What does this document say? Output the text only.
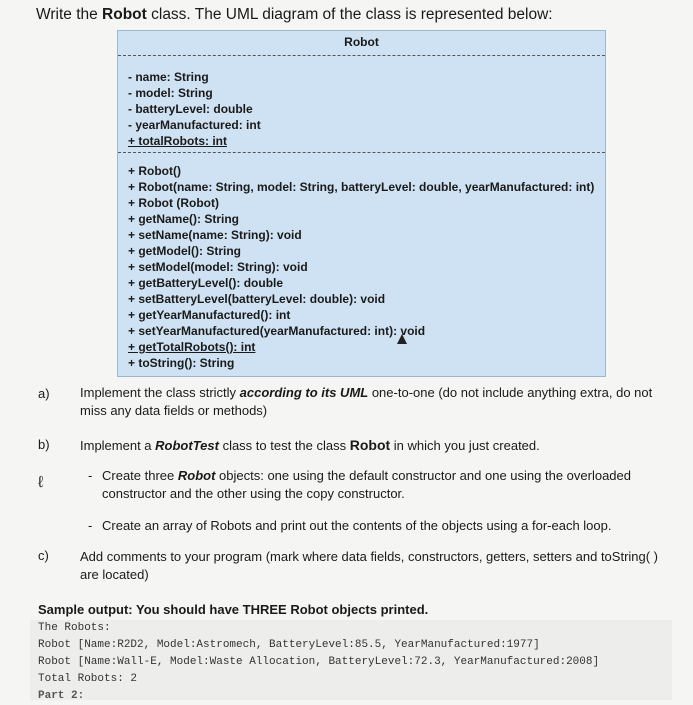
Write the Robot class. The UML diagram of the class is represented below:
Robot
- name: String
- model: String
- batteryLevel: double
- yearManufactured: int
+ totalRobots: int
+ Robot()
+ Robot(name: String, model: String, batteryLevel: double, yearManufactured: int)
+ Robot (Robot)
+ getName(): String
+ setName(name: String): void
+ getModel(): String
+ setModel(model: String): void
+ getBatteryLevel(): double
+ setBatteryLevel(batteryLevel: double): void
+ getYearManufactured(): int
+ setYearManufactured(yearManufactured: int): void
+ getTotalRobots(): int
+ toString(): String
a) Implement the class strictly according to its UML one-to-one (do not include anything extra, do not
miss any data fields or methods)
b) Implement a RobotTest class to test the class Robot in which you just created.
ℓ	- Create three Robot objects: one using the default constructor and one using the overloaded
constructor and the other using the copy constructor.
- Create an array of Robots and print out the contents of the objects using a for-each loop.
c) Add comments to your program (mark where data fields, constructors, getters, setters and toString( )
are located)
Sample output: You should have THREE Robot objects printed.
The Robots:
Robot [Name:R2D2, Model:Astromech, BatteryLevel:85.5, YearManufactured:1977]
Robot [Name:Wall-E, Model:Waste Allocation, BatteryLevel:72.3, YearManufactured:2008]
Total Robots: 2
Part 2:
